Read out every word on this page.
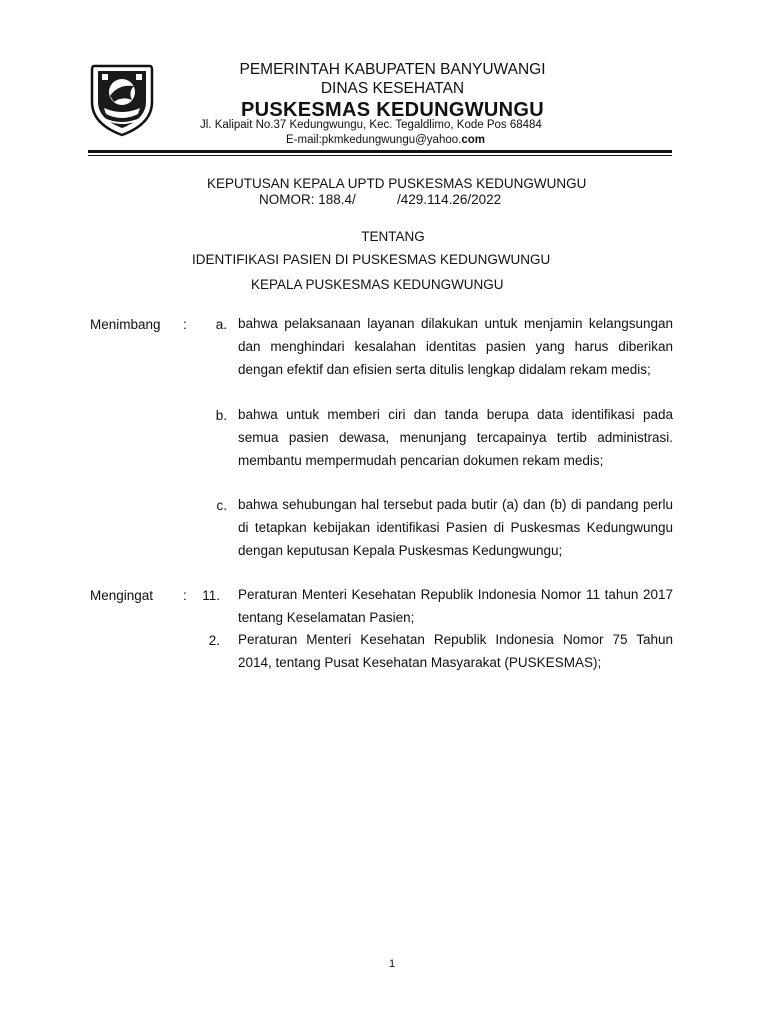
PEMERINTAH KABUPATEN BANYUWANGI
DINAS KESEHATAN
PUSKESMAS KEDUNGWUNGU
Jl. Kalipait No.37 Kedungwungu, Kec. Tegaldlimo, Kode Pos 68484
E-mail:pkmkedungwungu@yahoo.com
KEPUTUSAN KEPALA UPTD PUSKESMAS KEDUNGWUNGU
NOMOR: 188.4/           /429.114.26/2022
TENTANG
IDENTIFIKASI PASIEN DI PUSKESMAS KEDUNGWUNGU
KEPALA PUSKESMAS KEDUNGWUNGU
Menimbang :	a. bahwa pelaksanaan layanan dilakukan untuk menjamin kelangsungan dan menghindari kesalahan identitas pasien yang harus diberikan dengan efektif dan efisien serta ditulis lengkap didalam rekam medis;
b. bahwa untuk memberi ciri dan tanda berupa data identifikasi pada semua pasien dewasa, menunjang tercapainya tertib administrasi. membantu mempermudah pencarian dokumen rekam medis;
c. bahwa sehubungan hal tersebut pada butir (a) dan (b) di pandang perlu di tetapkan kebijakan identifikasi Pasien di Puskesmas Kedungwungu dengan keputusan Kepala Puskesmas Kedungwungu;
Mengingat :	11. Peraturan Menteri Kesehatan Republik Indonesia Nomor 11 tahun 2017 tentang Keselamatan Pasien;
2. Peraturan Menteri Kesehatan Republik Indonesia Nomor 75 Tahun 2014, tentang Pusat Kesehatan Masyarakat (PUSKESMAS);
1
